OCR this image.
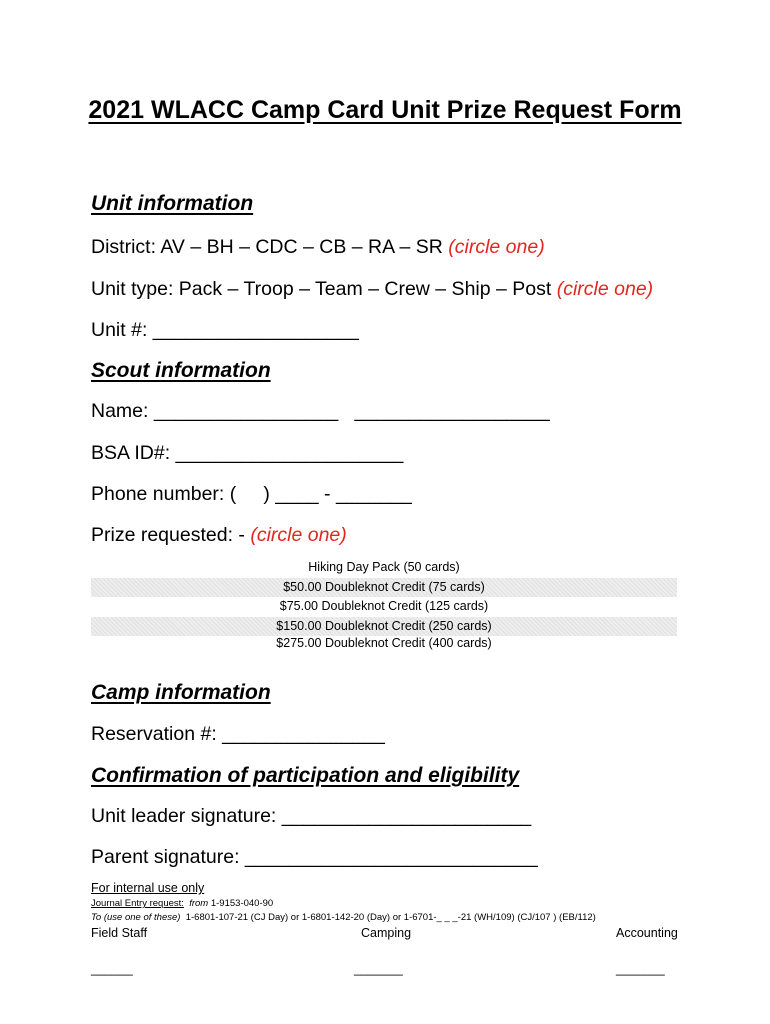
2021 WLACC Camp Card Unit Prize Request Form
Unit information
District: AV – BH – CDC – CB – RA – SR (circle one)
Unit type: Pack – Troop – Team – Crew – Ship – Post (circle one)
Unit #: ___________________
Scout information
Name: _________________   __________________
BSA ID#: _____________________
Phone number: (     ) ____ - _______
Prize requested: - (circle one)
Hiking Day Pack (50 cards)
$50.00 Doubleknot Credit (75 cards)
$75.00 Doubleknot Credit (125 cards)
$150.00 Doubleknot Credit (250 cards)
$275.00 Doubleknot Credit (400 cards)
Camp information
Reservation #: _______________
Confirmation of participation and eligibility
Unit leader signature: _______________________
Parent signature: ___________________________
For internal use only
Journal Entry request: from 1-9153-040-90
To (use one of these) 1-6801-107-21 (CJ Day) or 1-6801-142-20 (Day) or 1-6701-_ _ _-21 (WH/109) (CJ/107 ) (EB/112)
Field Staff	Camping	Accounting
______	_______	_______
